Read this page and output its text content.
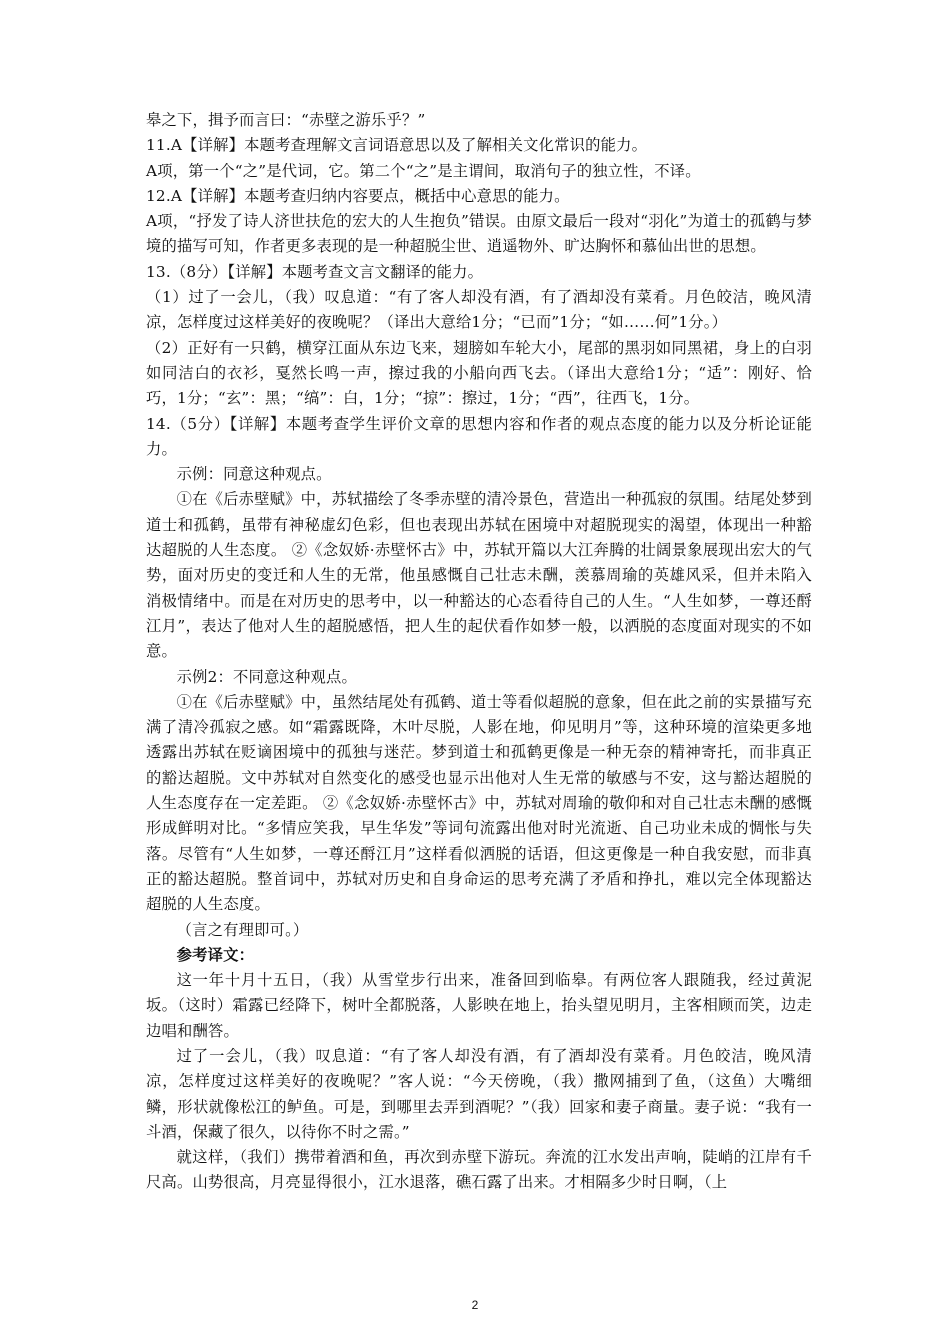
皋之下，揖予而言曰：“赤壁之游乐乎？”

11.A【详解】本题考查理解文言词语意思以及了解相关文化常识的能力。

A项，第一个“之”是代词，它。第二个“之”是主谓间，取消句子的独立性，不译。

12.A【详解】本题考查归纳内容要点，概括中心意思的能力。

A项，“抒发了诗人济世扶危的宏大的人生抱负”错误。由原文最后一段对“羽化”为道士的孤鹤与梦境的描写可知，作者更多表现的是一种超脱尘世、逍遥物外、旷达胸怀和慕仙出世的思想。

13.（8分）【详解】本题考查文言文翻译的能力。

（1）过了一会儿，（我）叹息道：“有了客人却没有酒，有了酒却没有菜肴。月色皎洁，晚风清凉，怎样度过这样美好的夜晚呢？（译出大意给1分；“已而”1分；“如……何”1分。）

（2）正好有一只鹤，横穿江面从东边飞来，翅膀如车轮大小，尾部的黑羽如同黑裙，身上的白羽如同洁白的衣衫，戛然长鸣一声，擦过我的小船向西飞去。（译出大意给1分；“适”：刚好、恰巧，1分；“玄”：黑；“缟”：白，1分；“掠”：擦过，1分；“西”，往西飞，1分。

14.（5分）【详解】本题考查学生评价文章的思想内容和作者的观点态度的能力以及分析论证能力。

示例：同意这种观点。

①在《后赤壁赋》中，苏轼描绘了冬季赤壁的清冷景色，营造出一种孤寂的氛围。结尾处梦到道士和孤鹤，虽带有神秘虚幻色彩，但也表现出苏轼在困境中对超脱现实的渴望，体现出一种豁达超脱的人生态度。 ②《念奴娇·赤壁怀古》中，苏轼开篇以大江奔腾的壮阔景象展现出宏大的气势，面对历史的变迁和人生的无常，他虽感慨自己壮志未酬，羡慕周瑜的英雄风采，但并未陷入消极情绪中。而是在对历史的思考中，以一种豁达的心态看待自己的人生。“人生如梦，一尊还酹江月”，表达了他对人生的超脱感悟，把人生的起伏看作如梦一般，以洒脱的态度面对现实的不如意。

示例2：不同意这种观点。

①在《后赤壁赋》中，虽然结尾处有孤鹤、道士等看似超脱的意象，但在此之前的实景描写充满了清冷孤寂之感。如“霜露既降，木叶尽脱，人影在地，仰见明月”等，这种环境的渲染更多地透露出苏轼在贬谪困境中的孤独与迷茫。梦到道士和孤鹤更像是一种无奈的精神寄托，而非真正的豁达超脱。文中苏轼对自然变化的感受也显示出他对人生无常的敏感与不安，这与豁达超脱的人生态度存在一定差距。 ②《念奴娇·赤壁怀古》中，苏轼对周瑜的敬仰和对自己壮志未酬的感慨形成鲜明对比。“多情应笑我，早生华发”等词句流露出他对时光流逝、自己功业未成的惆怅与失落。尽管有“人生如梦，一尊还酹江月”这样看似洒脱的话语，但这更像是一种自我安慰，而非真正的豁达超脱。整首词中，苏轼对历史和自身命运的思考充满了矛盾和挣扎，难以完全体现豁达超脱的人生态度。

（言之有理即可。）

参考译文：

这一年十月十五日，（我）从雪堂步行出来，准备回到临皋。有两位客人跟随我，经过黄泥坂。（这时）霜露已经降下，树叶全都脱落，人影映在地上，抬头望见明月，主客相顾而笑，边走边唱和酬答。

过了一会儿，（我）叹息道：“有了客人却没有酒，有了酒却没有菜肴。月色皎洁，晚风清凉，怎样度过这样美好的夜晚呢？”客人说：“今天傍晚，（我）撒网捕到了鱼，（这鱼）大嘴细鳞，形状就像松江的鲈鱼。可是，到哪里去弄到酒呢？”（我）回家和妻子商量。妻子说：“我有一斗酒，保藏了很久，以待你不时之需。”

就这样，（我们）携带着酒和鱼，再次到赤壁下游玩。奔流的江水发出声响，陡峭的江岸有千尺高。山势很高，月亮显得很小，江水退落，礁石露了出来。才相隔多少时日啊，（上

2
